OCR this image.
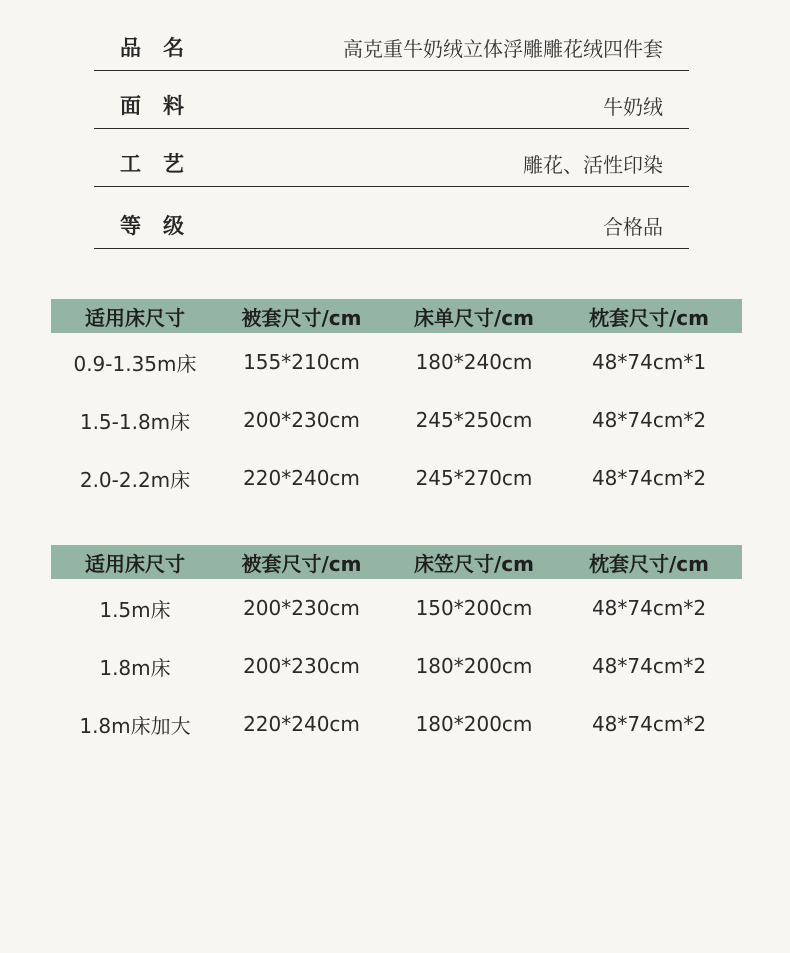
品名	高克重牛奶绒立体浮雕雕花绒四件套
面料	牛奶绒
工艺	雕花、活性印染
等级	合格品
适用床尺寸	被套尺寸/cm	床单尺寸/cm	枕套尺寸/cm
0.9-1.35m床	155*210cm	180*240cm	48*74cm*1
1.5-1.8m床	200*230cm	245*250cm	48*74cm*2
2.0-2.2m床	220*240cm	245*270cm	48*74cm*2
适用床尺寸	被套尺寸/cm	床笠尺寸/cm	枕套尺寸/cm
1.5m床	200*230cm	150*200cm	48*74cm*2
1.8m床	200*230cm	180*200cm	48*74cm*2
1.8m床加大	220*240cm	180*200cm	48*74cm*2
